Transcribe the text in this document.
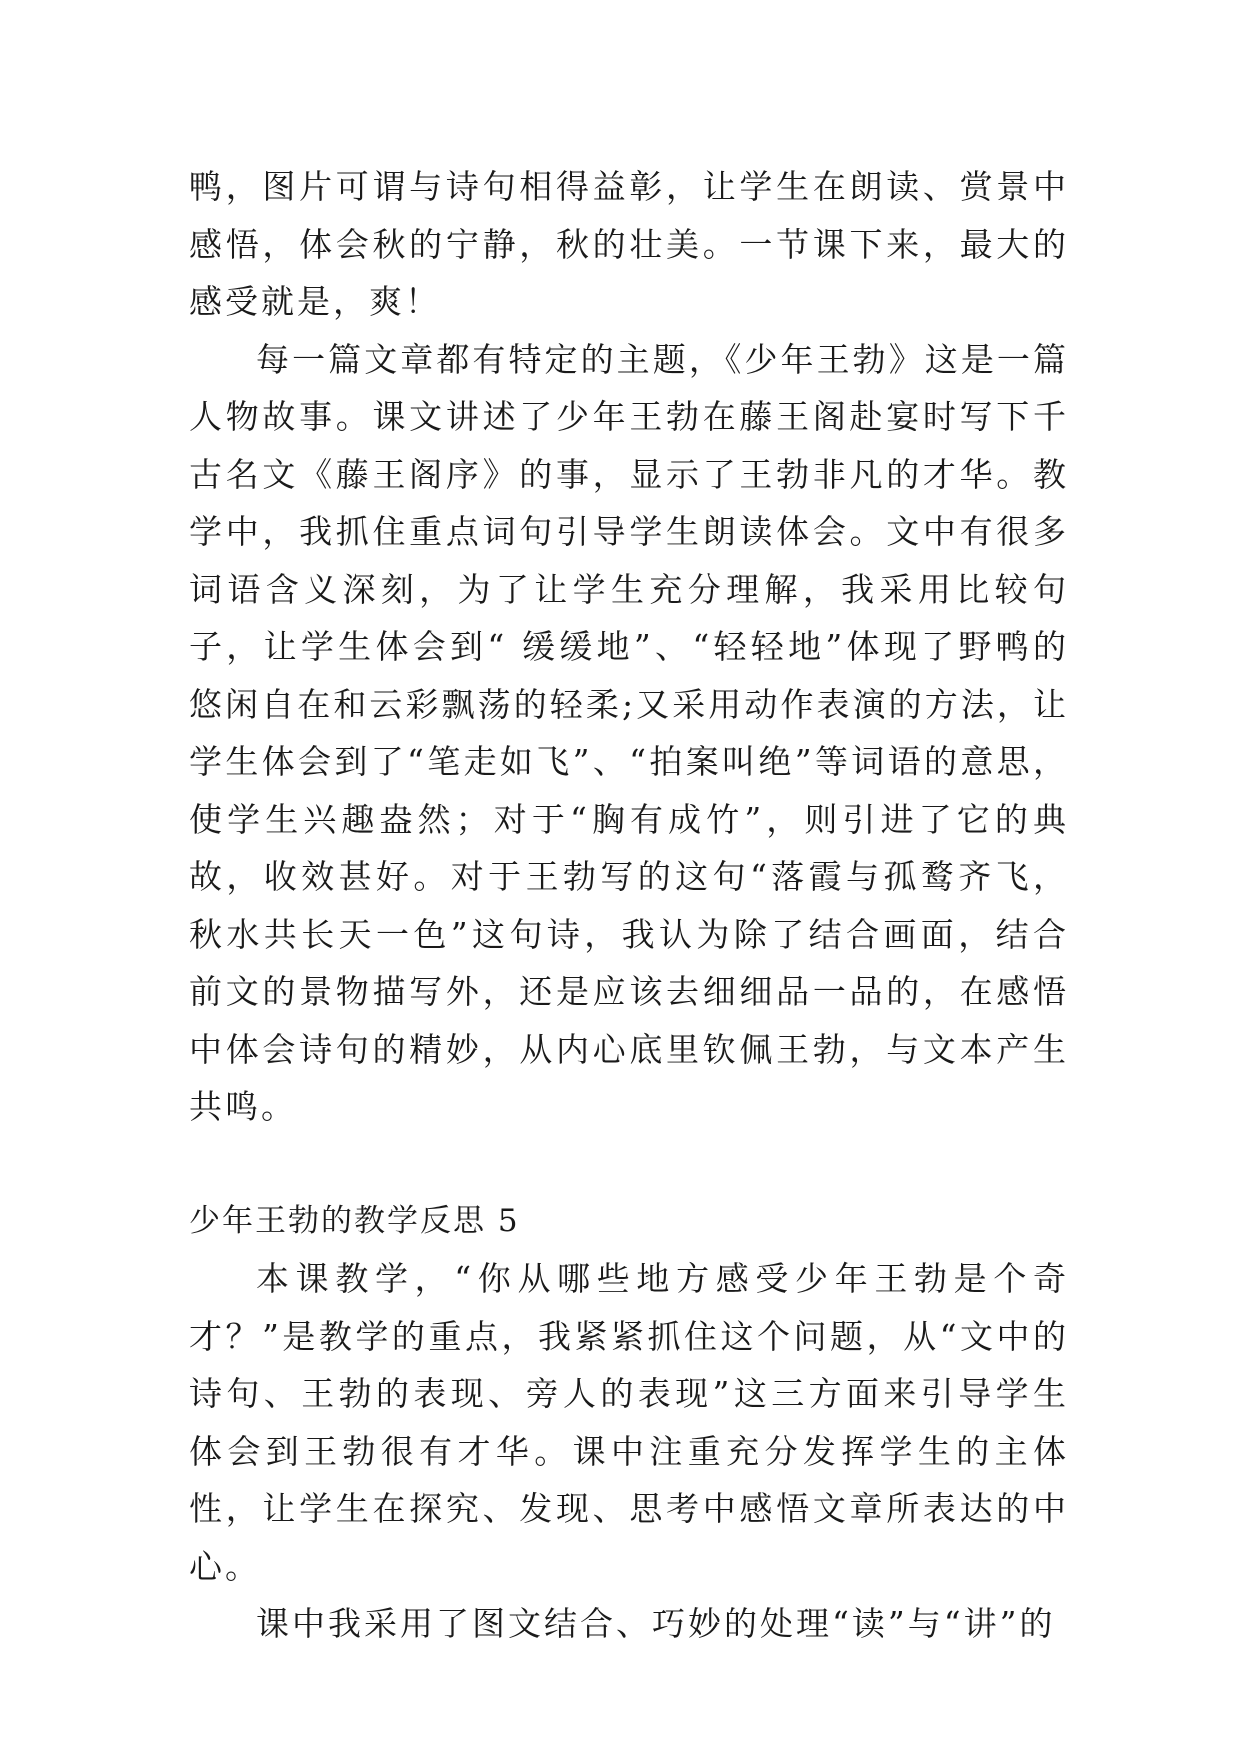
鸭，图片可谓与诗句相得益彰，让学生在朗读、赏景中感悟，体会秋的宁静，秋的壮美。一节课下来，最大的感受就是，爽！

每一篇文章都有特定的主题，《少年王勃》这是一篇人物故事。课文讲述了少年王勃在藤王阁赴宴时写下千古名文《藤王阁序》的事，显示了王勃非凡的才华。教学中，我抓住重点词句引导学生朗读体会。文中有很多词语含义深刻，为了让学生充分理解，我采用比较句子，让学生体会到“ 缓缓地”、“轻轻地”体现了野鸭的悠闲自在和云彩飘荡的轻柔;又采用动作表演的方法，让学生体会到了“笔走如飞”、“拍案叫绝”等词语的意思，使学生兴趣盎然；对于“胸有成竹”，则引进了它的典故，收效甚好。对于王勃写的这句“落霞与孤鹜齐飞，秋水共长天一色”这句诗，我认为除了结合画面，结合前文的景物描写外，还是应该去细细品一品的，在感悟中体会诗句的精妙，从内心底里钦佩王勃，与文本产生共鸣。

少年王勃的教学反思 5

本课教学，“你从哪些地方感受少年王勃是个奇才？”是教学的重点，我紧紧抓住这个问题，从“文中的诗句、王勃的表现、旁人的表现”这三方面来引导学生体会到王勃很有才华。课中注重充分发挥学生的主体性，让学生在探究、发现、思考中感悟文章所表达的中心。

课中我采用了图文结合、巧妙的处理“读”与“讲”的
